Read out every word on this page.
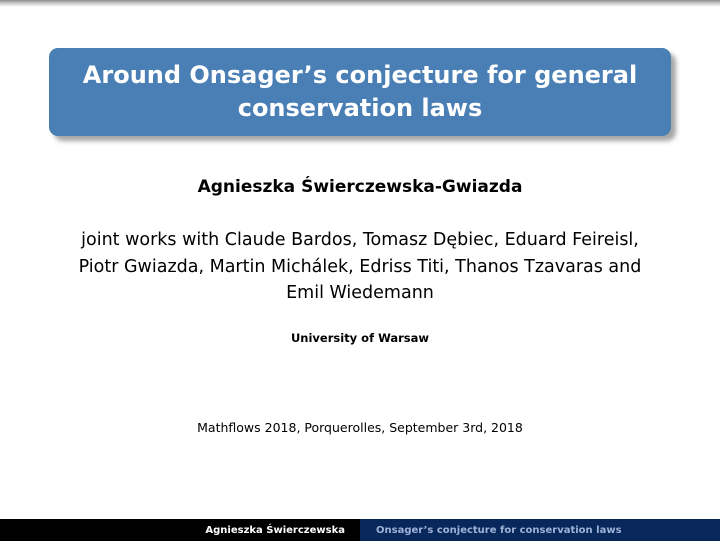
Around Onsager’s conjecture for general conservation laws
Agnieszka Świerczewska-Gwiazda
joint works with Claude Bardos, Tomasz Dębiec, Eduard Feireisl, Piotr Gwiazda, Martin Michálek, Edriss Titi, Thanos Tzavaras and Emil Wiedemann
University of Warsaw
Mathflows 2018, Porquerolles, September 3rd, 2018
Agnieszka Świerczewska	Onsager’s conjecture for conservation laws
